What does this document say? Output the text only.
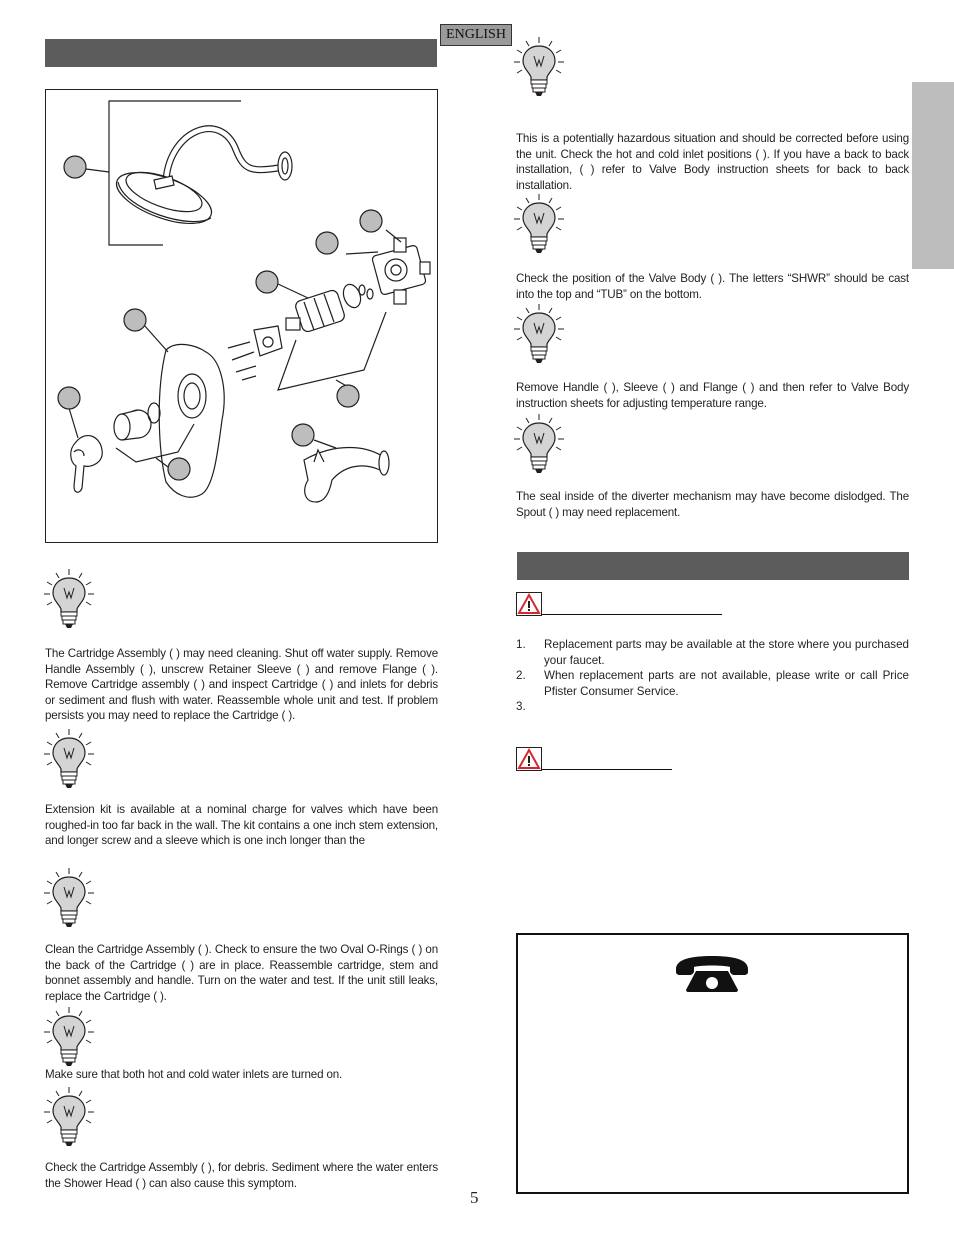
ENGLISH
The Cartridge Assembly ( ) may need cleaning. Shut off water supply. Remove Handle Assembly ( ), unscrew Retainer Sleeve ( ) and remove Flange ( ). Remove Cartridge assembly ( ) and inspect Cartridge ( ) and inlets for debris or sediment and flush with water. Reassemble whole unit and test. If problem persists you may need to replace the Cartridge ( ).
Extension kit is available at a nominal charge for valves which have been roughed-in too far back in the wall. The kit contains a one inch stem extension, and longer screw and a sleeve which is one inch longer than the
Clean the Cartridge Assembly ( ). Check to ensure the two Oval O-Rings ( ) on the back of the Cartridge ( ) are in place. Reassemble cartridge, stem and bonnet assembly and handle. Turn on the water and test. If the unit still leaks, replace the Cartridge ( ).
Make sure that both hot and cold water inlets are turned on.
Check the Cartridge Assembly ( ), for debris. Sediment where the water enters the Shower Head ( ) can also cause this symptom.
This is a potentially hazardous situation and should be corrected before using the unit. Check the hot and cold inlet positions ( ). If you have a back to back installation, ( ) refer to Valve Body instruction sheets for back to back installation.
Check the position of the Valve Body ( ). The letters “SHWR” should be cast into the top and “TUB” on the bottom.
Remove Handle ( ), Sleeve ( ) and Flange ( ) and then refer to Valve Body instruction sheets for adjusting temperature range.
The seal inside of the diverter mechanism may have become dislodged. The Spout ( ) may need replacement.
1. Replacement parts may be available at the store where you purchased your faucet.
2. When replacement parts are not available, please write or call Price Pfister Consumer Service.
3.
5
